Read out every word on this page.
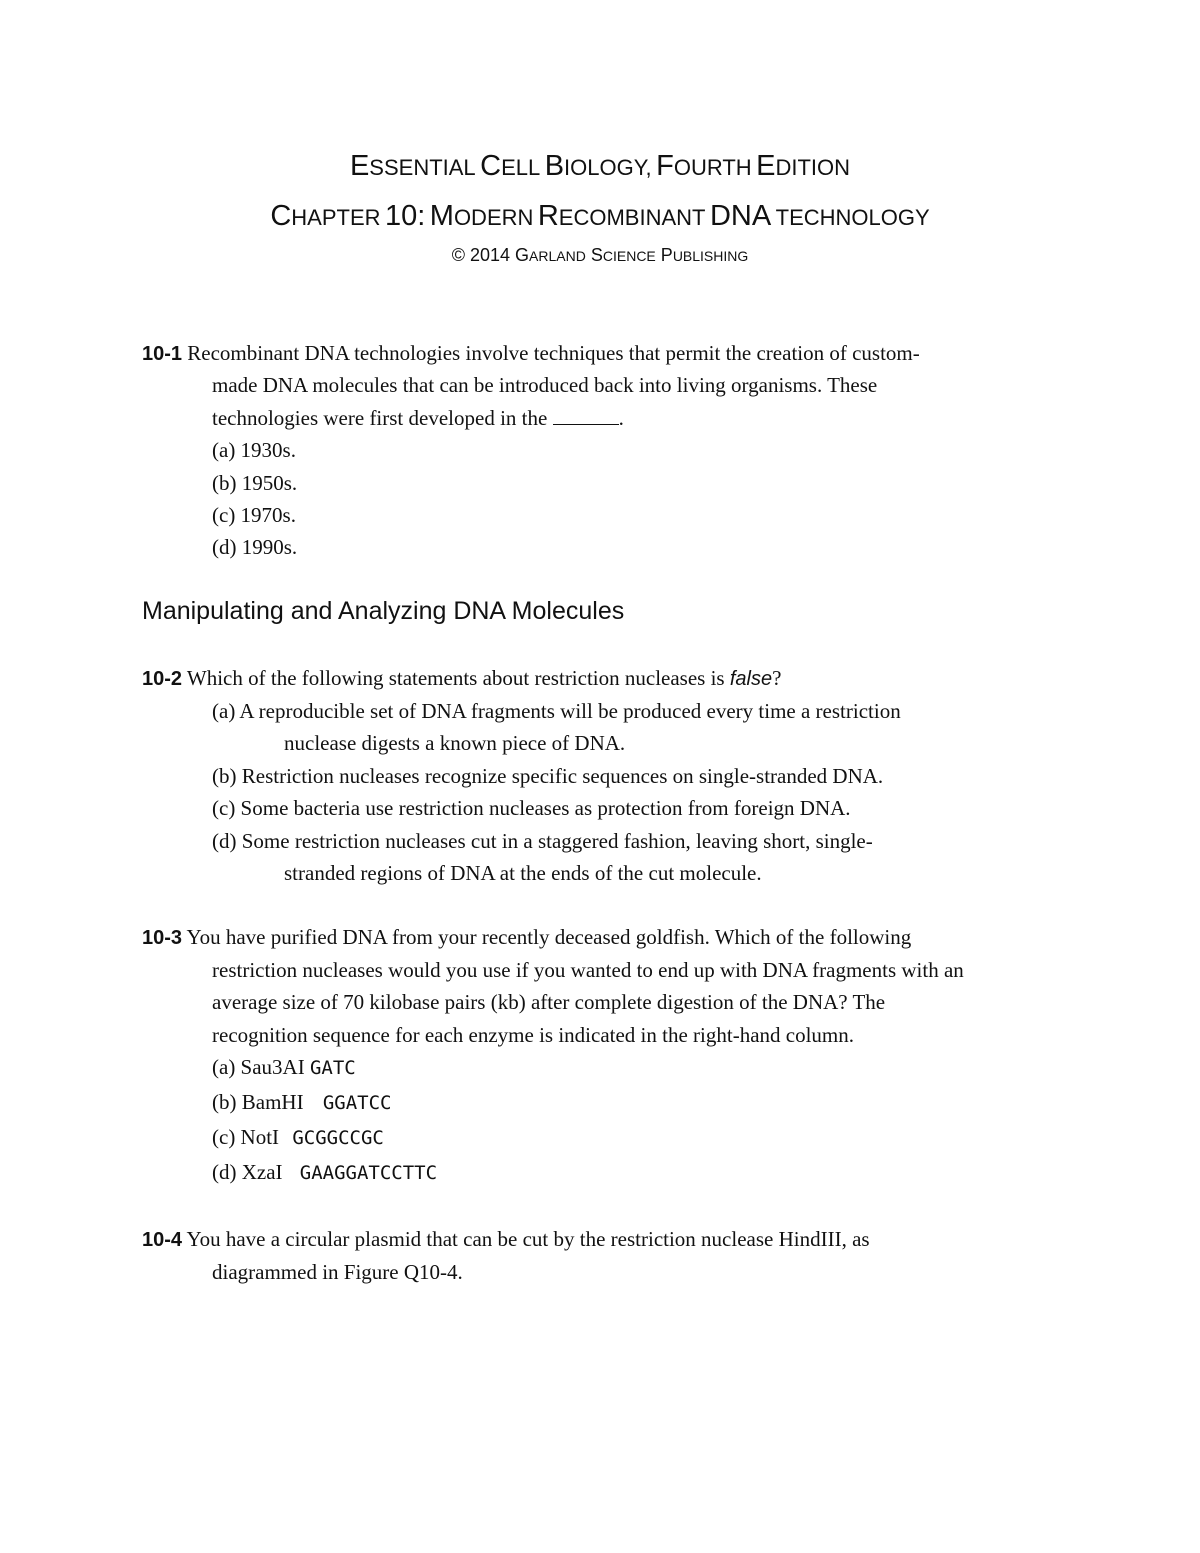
ESSENTIAL CELL BIOLOGY, FOURTH EDITION
CHAPTER 10: MODERN RECOMBINANT DNA TECHNOLOGY
© 2014 GARLAND SCIENCE PUBLISHING
10-1 Recombinant DNA technologies involve techniques that permit the creation of custom-
made DNA molecules that can be introduced back into living organisms. These
technologies were first developed in the	.
(a) 1930s.
(b) 1950s.
(c) 1970s.
(d) 1990s.
Manipulating and Analyzing DNA Molecules
10-2 Which of the following statements about restriction nucleases is false?
(a) A reproducible set of DNA fragments will be produced every time a restriction
nuclease digests a known piece of DNA.
(b) Restriction nucleases recognize specific sequences on single-stranded DNA.
(c) Some bacteria use restriction nucleases as protection from foreign DNA.
(d) Some restriction nucleases cut in a staggered fashion, leaving short, single-
stranded regions of DNA at the ends of the cut molecule.
10-3 You have purified DNA from your recently deceased goldfish. Which of the following
restriction nucleases would you use if you wanted to end up with DNA fragments with an
average size of 70 kilobase pairs (kb) after complete digestion of the DNA? The
recognition sequence for each enzyme is indicated in the right-hand column.
(a) Sau3AI GATC
(b) BamHI GGATCC
(c) NotI GCGGCCGC
(d) XzaI GAAGGATCCTTC
10-4 You have a circular plasmid that can be cut by the restriction nuclease HindIII, as
diagrammed in Figure Q10-4.
